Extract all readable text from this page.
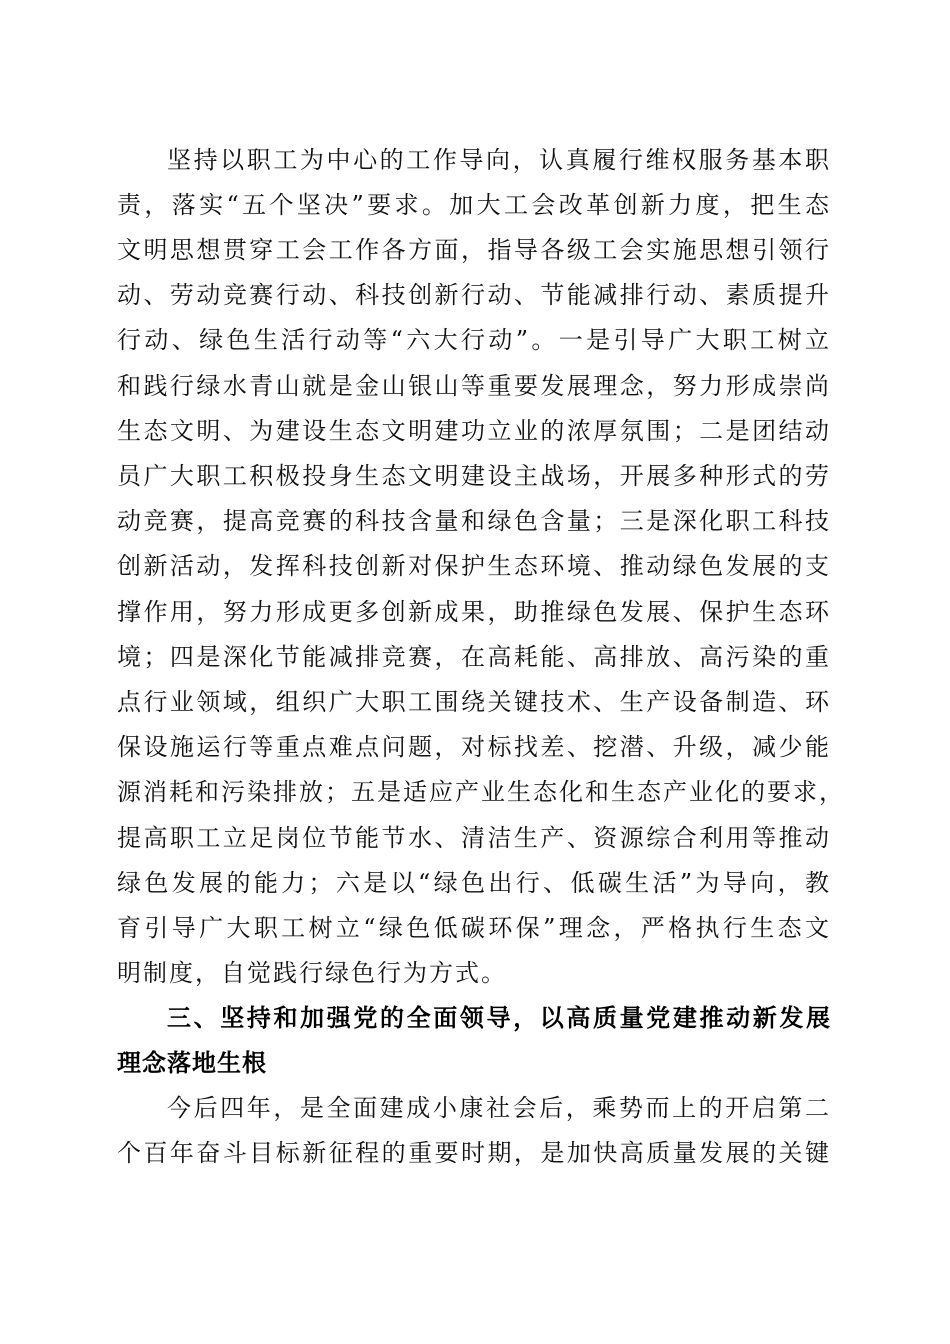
坚持以职工为中心的工作导向，认真履行维权服务基本职
责，落实“五个坚决”要求。加大工会改革创新力度，把生态
文明思想贯穿工会工作各方面，指导各级工会实施思想引领行
动、劳动竞赛行动、科技创新行动、节能减排行动、素质提升
行动、绿色生活行动等“六大行动”。一是引导广大职工树立
和践行绿水青山就是金山银山等重要发展理念，努力形成崇尚
生态文明、为建设生态文明建功立业的浓厚氛围；二是团结动
员广大职工积极投身生态文明建设主战场，开展多种形式的劳
动竞赛，提高竞赛的科技含量和绿色含量；三是深化职工科技
创新活动，发挥科技创新对保护生态环境、推动绿色发展的支
撑作用，努力形成更多创新成果，助推绿色发展、保护生态环
境；四是深化节能减排竞赛，在高耗能、高排放、高污染的重
点行业领域，组织广大职工围绕关键技术、生产设备制造、环
保设施运行等重点难点问题，对标找差、挖潜、升级，减少能
源消耗和污染排放；五是适应产业生态化和生态产业化的要求，
提高职工立足岗位节能节水、清洁生产、资源综合利用等推动
绿色发展的能力；六是以“绿色出行、低碳生活”为导向，教
育引导广大职工树立“绿色低碳环保”理念，严格执行生态文
明制度，自觉践行绿色行为方式。
三、坚持和加强党的全面领导，以高质量党建推动新发展
理念落地生根
今后四年，是全面建成小康社会后，乘势而上的开启第二
个百年奋斗目标新征程的重要时期，是加快高质量发展的关键
